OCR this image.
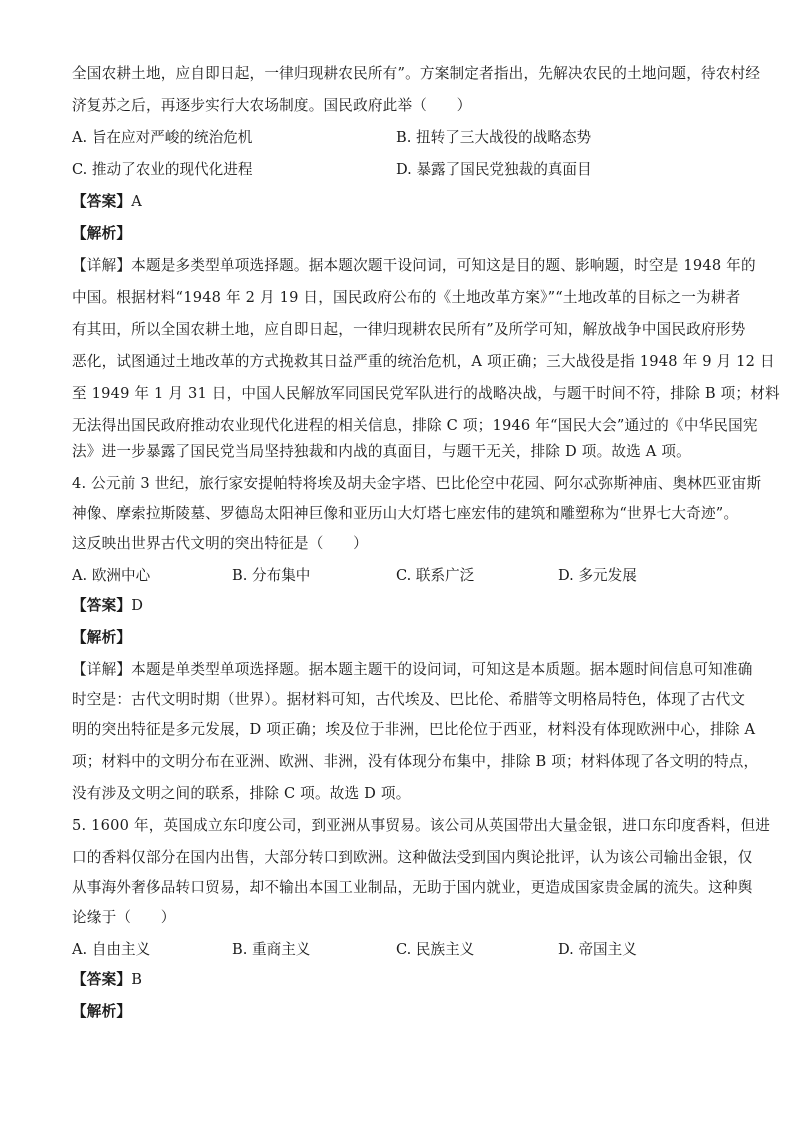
全国农耕土地，应自即日起，一律归现耕农民所有”。方案制定者指出，先解决农民的土地问题，待农村经
济复苏之后，再逐步实行大农场制度。国民政府此举（　　）
A. 旨在应对严峻的统治危机	B. 扭转了三大战役的战略态势
C. 推动了农业的现代化进程	D. 暴露了国民党独裁的真面目
【答案】A
【解析】
【详解】本题是多类型单项选择题。据本题次题干设问词，可知这是目的题、影响题，时空是 1948 年的
中国。根据材料“1948 年 2 月 19 日，国民政府公布的《土地改革方案》”“土地改革的目标之一为耕者
有其田，所以全国农耕土地，应自即日起，一律归现耕农民所有”及所学可知，解放战争中国民政府形势
恶化，试图通过土地改革的方式挽救其日益严重的统治危机，A 项正确；三大战役是指 1948 年 9 月 12 日
至 1949 年 1 月 31 日，中国人民解放军同国民党军队进行的战略决战，与题干时间不符，排除 B 项；材料
无法得出国民政府推动农业现代化进程的相关信息，排除 C 项；1946 年“国民大会”通过的《中华民国宪
法》进一步暴露了国民党当局坚持独裁和内战的真面目，与题干无关，排除 D 项。故选 A 项。
4. 公元前 3 世纪，旅行家安提帕特将埃及胡夫金字塔、巴比伦空中花园、阿尔忒弥斯神庙、奥林匹亚宙斯
神像、摩索拉斯陵墓、罗德岛太阳神巨像和亚历山大灯塔七座宏伟的建筑和雕塑称为“世界七大奇迹”。
这反映出世界古代文明的突出特征是（　　）
A. 欧洲中心	B. 分布集中	C. 联系广泛	D. 多元发展
【答案】D
【解析】
【详解】本题是单类型单项选择题。据本题主题干的设问词，可知这是本质题。据本题时间信息可知准确
时空是：古代文明时期（世界）。据材料可知，古代埃及、巴比伦、希腊等文明格局特色，体现了古代文
明的突出特征是多元发展，D 项正确；埃及位于非洲，巴比伦位于西亚，材料没有体现欧洲中心，排除 A
项；材料中的文明分布在亚洲、欧洲、非洲，没有体现分布集中，排除 B 项；材料体现了各文明的特点，
没有涉及文明之间的联系，排除 C 项。故选 D 项。
5. 1600 年，英国成立东印度公司，到亚洲从事贸易。该公司从英国带出大量金银，进口东印度香料，但进
口的香料仅部分在国内出售，大部分转口到欧洲。这种做法受到国内舆论批评，认为该公司输出金银，仅
从事海外奢侈品转口贸易，却不输出本国工业制品，无助于国内就业，更造成国家贵金属的流失。这种舆
论缘于（　　）
A. 自由主义	B. 重商主义	C. 民族主义	D. 帝国主义
【答案】B
【解析】
